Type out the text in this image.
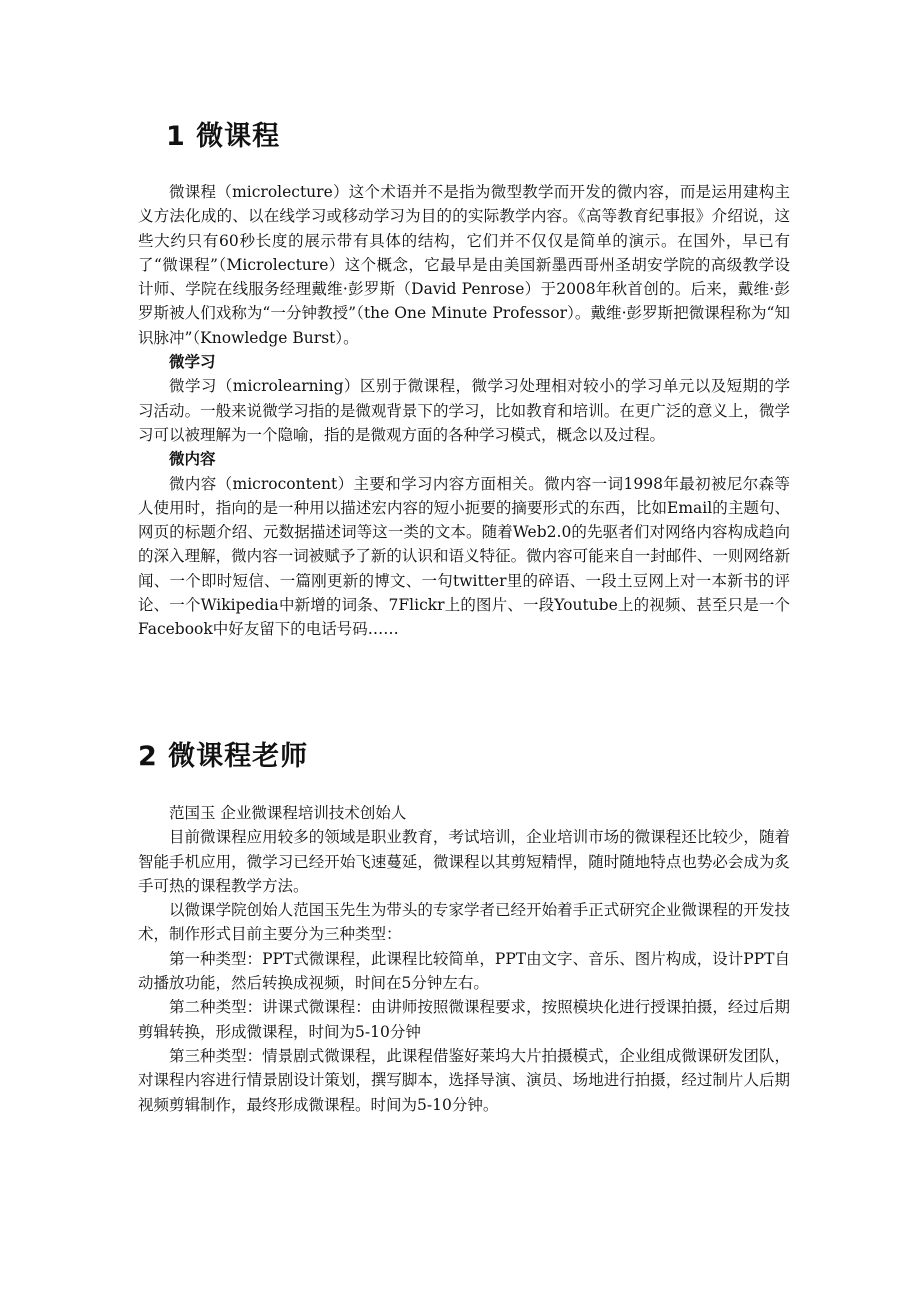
1 微课程

微课程（microlecture）这个术语并不是指为微型教学而开发的微内容，而是运用建构主义方法化成的、以在线学习或移动学习为目的的实际教学内容。《高等教育纪事报》介绍说，这些大约只有60秒长度的展示带有具体的结构，它们并不仅仅是简单的演示。在国外，早已有了“微课程”（Microlecture）这个概念，它最早是由美国新墨西哥州圣胡安学院的高级教学设计师、学院在线服务经理戴维·彭罗斯（David Penrose）于2008年秋首创的。后来，戴维·彭罗斯被人们戏称为“一分钟教授”（the One Minute Professor）。戴维·彭罗斯把微课程称为“知识脉冲”（Knowledge Burst）。

微学习

微学习（microlearning）区别于微课程，微学习处理相对较小的学习单元以及短期的学习活动。一般来说微学习指的是微观背景下的学习，比如教育和培训。在更广泛的意义上，微学习可以被理解为一个隐喻，指的是微观方面的各种学习模式，概念以及过程。

微内容

微内容（microcontent）主要和学习内容方面相关。微内容一词1998年最初被尼尔森等人使用时，指向的是一种用以描述宏内容的短小扼要的摘要形式的东西，比如Email的主题句、网页的标题介绍、元数据描述词等这一类的文本。随着Web2.0的先驱者们对网络内容构成趋向的深入理解，微内容一词被赋予了新的认识和语义特征。微内容可能来自一封邮件、一则网络新闻、一个即时短信、一篇刚更新的博文、一句twitter里的碎语、一段土豆网上对一本新书的评论、一个Wikipedia中新增的词条、7Flickr上的图片、一段Youtube上的视频、甚至只是一个Facebook中好友留下的电话号码……

2 微课程老师

范国玉 企业微课程培训技术创始人

目前微课程应用较多的领域是职业教育，考试培训，企业培训市场的微课程还比较少，随着智能手机应用，微学习已经开始飞速蔓延，微课程以其剪短精悍，随时随地特点也势必会成为炙手可热的课程教学方法。

以微课学院创始人范国玉先生为带头的专家学者已经开始着手正式研究企业微课程的开发技术，制作形式目前主要分为三种类型：

第一种类型：PPT式微课程，此课程比较简单，PPT由文字、音乐、图片构成，设计PPT自动播放功能，然后转换成视频，时间在5分钟左右。

第二种类型：讲课式微课程：由讲师按照微课程要求，按照模块化进行授课拍摄，经过后期剪辑转换，形成微课程，时间为5-10分钟

第三种类型：情景剧式微课程，此课程借鉴好莱坞大片拍摄模式，企业组成微课研发团队，对课程内容进行情景剧设计策划，撰写脚本，选择导演、演员、场地进行拍摄，经过制片人后期视频剪辑制作，最终形成微课程。时间为5-10分钟。
